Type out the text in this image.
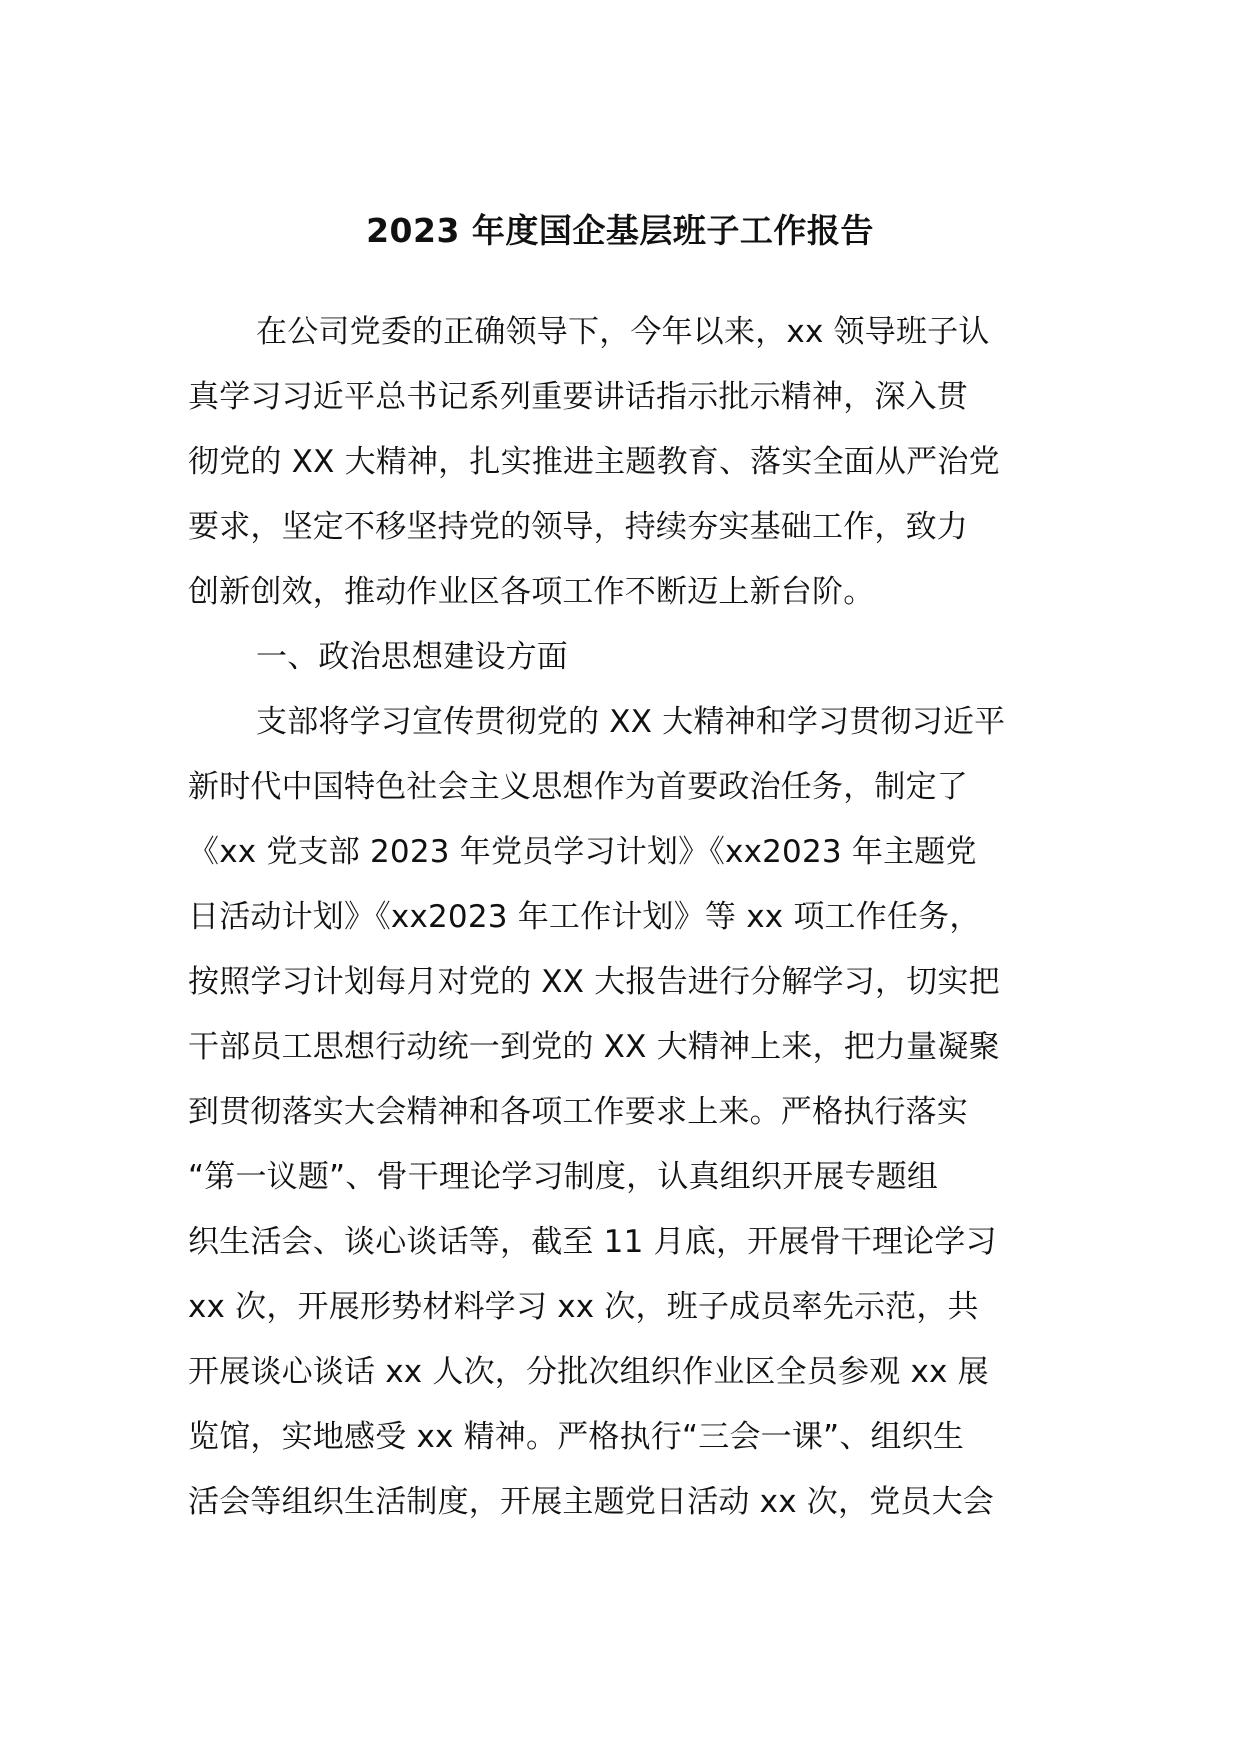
2023 年度国企基层班子工作报告
在公司党委的正确领导下，今年以来，xx 领导班子认
真学习习近平总书记系列重要讲话指示批示精神，深入贯
彻党的 XX 大精神，扎实推进主题教育、落实全面从严治党
要求，坚定不移坚持党的领导，持续夯实基础工作，致力
创新创效，推动作业区各项工作不断迈上新台阶。
一、政治思想建设方面
支部将学习宣传贯彻党的 XX 大精神和学习贯彻习近平
新时代中国特色社会主义思想作为首要政治任务，制定了
《xx 党支部 2023 年党员学习计划》《xx2023 年主题党
日活动计划》《xx2023 年工作计划》等 xx 项工作任务，
按照学习计划每月对党的 XX 大报告进行分解学习，切实把
干部员工思想行动统一到党的 XX 大精神上来，把力量凝聚
到贯彻落实大会精神和各项工作要求上来。严格执行落实
“第一议题”、骨干理论学习制度，认真组织开展专题组
织生活会、谈心谈话等，截至 11 月底，开展骨干理论学习
xx 次，开展形势材料学习 xx 次，班子成员率先示范，共
开展谈心谈话 xx 人次，分批次组织作业区全员参观 xx 展
览馆，实地感受 xx 精神。严格执行“三会一课”、组织生
活会等组织生活制度，开展主题党日活动 xx 次，党员大会
